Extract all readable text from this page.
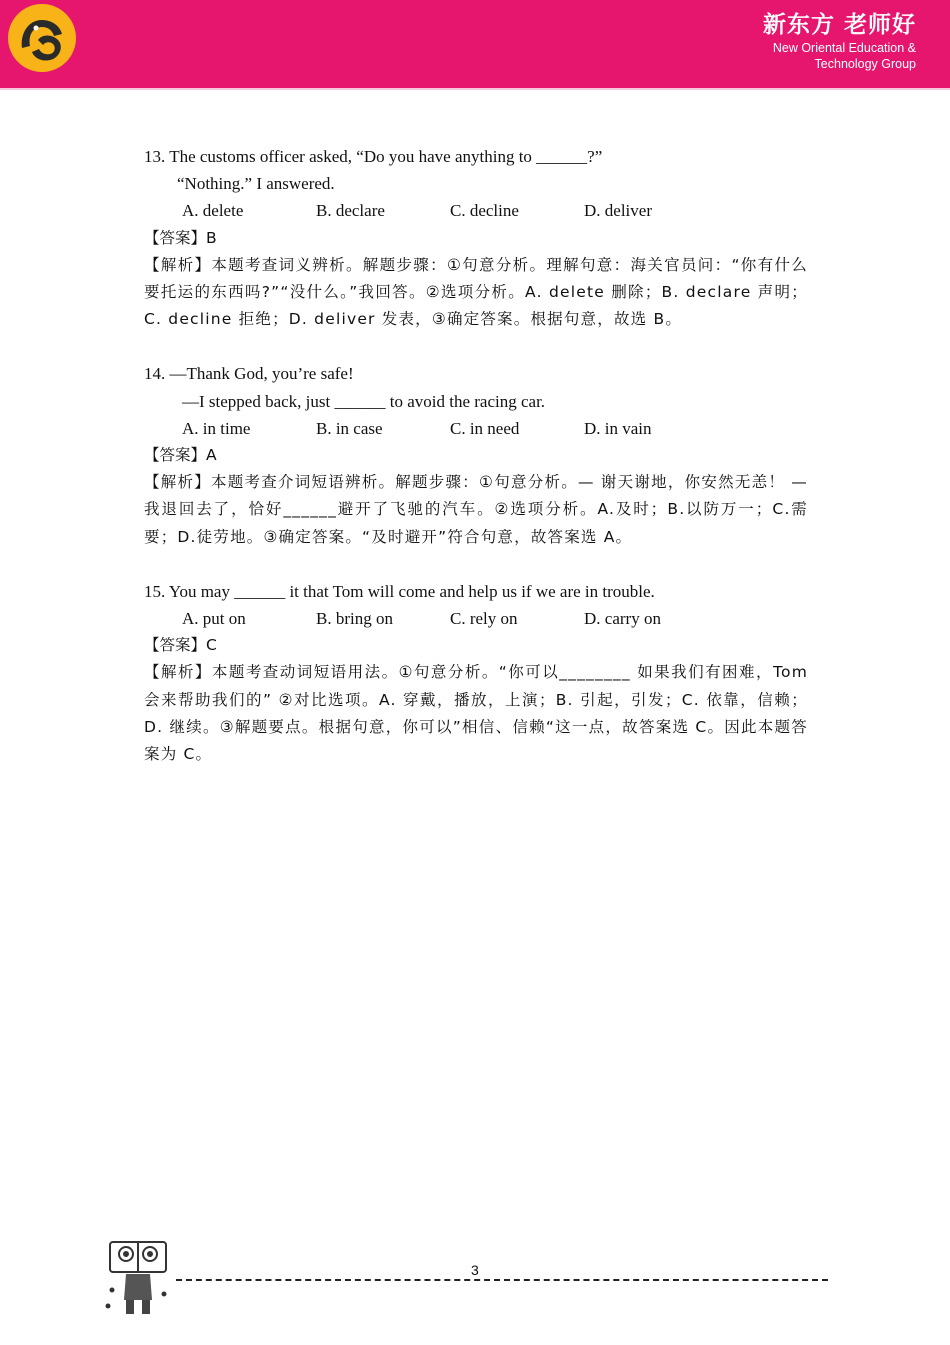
新东方 老师好
New Oriental Education &
Technology Group
13. The customs officer asked, “Do you have anything to ______?”
“Nothing.” I answered.
A. delete	B. declare	C. decline	D. deliver
【答案】B
【解析】本题考查词义辨析。解题步骤：①句意分析。理解句意：海关官员问：“你有什么要托运的东西吗?”“没什么。”我回答。②选项分析。A. delete 删除；B. declare 声明；C. decline 拒绝；D. deliver 发表，③确定答案。根据句意，故选 B。
14. —Thank God, you’re safe!
—I stepped back, just ______ to avoid the racing car.
A. in time	B. in case	C. in need	D. in vain
【答案】A
【解析】本题考查介词短语辨析。解题步骤：①句意分析。— 谢天谢地，你安然无恙！ — 我退回去了，恰好______避开了飞驰的汽车。②选项分析。A.及时；B.以防万一；C.需要；D.徒劳地。③确定答案。“及时避开”符合句意，故答案选 A。
15. You may ______ it that Tom will come and help us if we are in trouble.
A. put on	B. bring on	C. rely on	D. carry on
【答案】C
【解析】本题考查动词短语用法。①句意分析。“你可以________ 如果我们有困难，Tom 会来帮助我们的” ②对比选项。A. 穿戴，播放，上演；B. 引起，引发；C. 依靠，信赖；D. 继续。③解题要点。根据句意，你可以”相信、信赖“这一点，故答案选 C。因此本题答案为 C。
3
